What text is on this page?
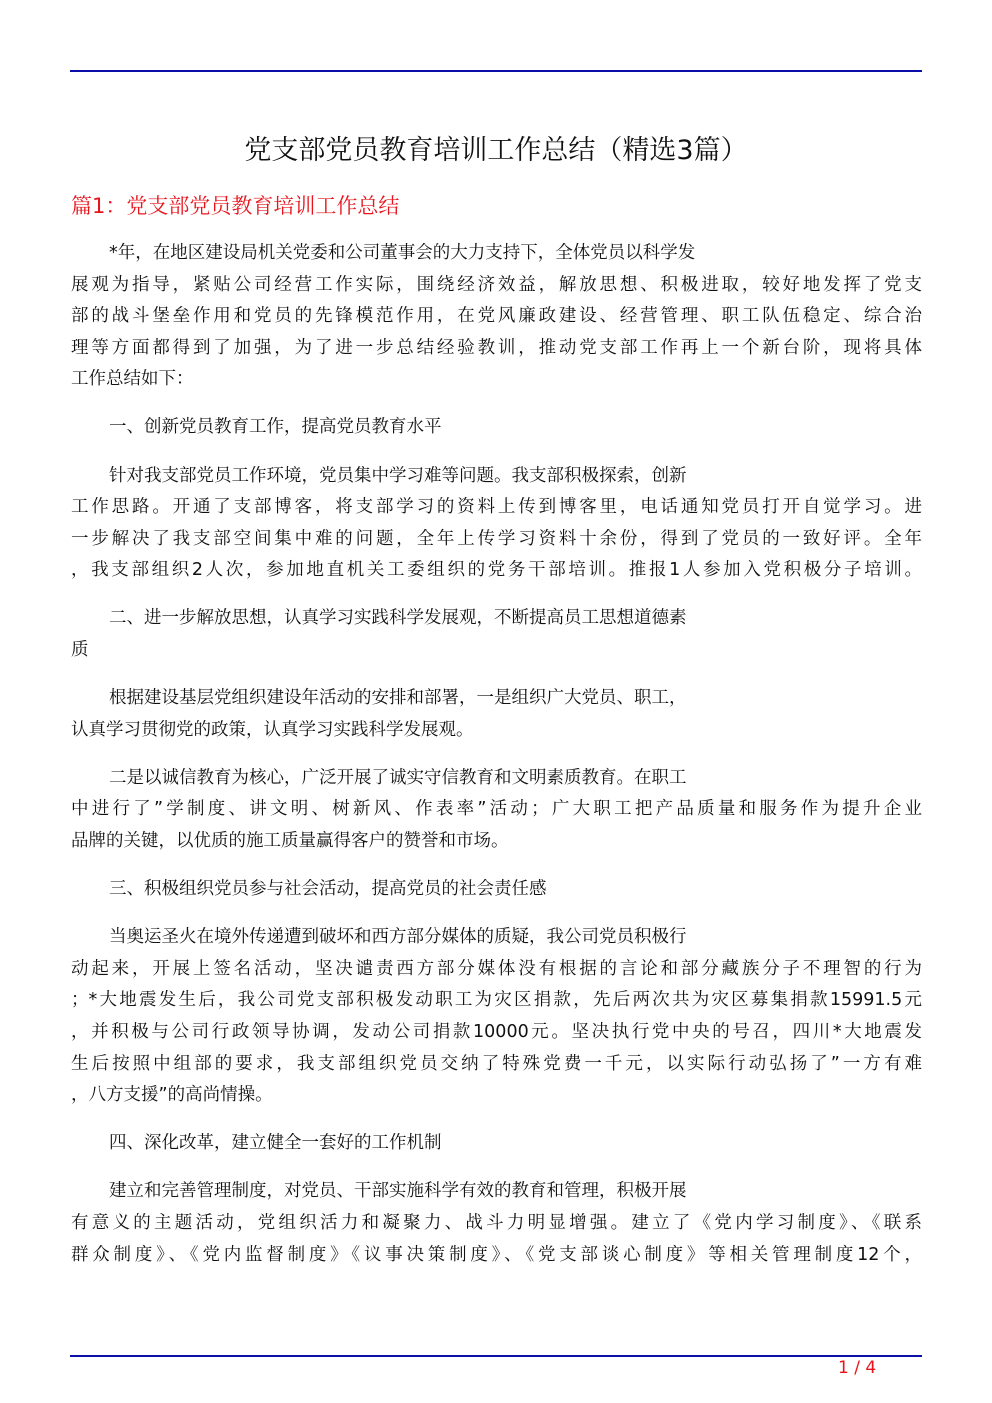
党支部党员教育培训工作总结（精选3篇）
篇1：党支部党员教育培训工作总结
*年，在地区建设局机关党委和公司董事会的大力支持下，全体党员以科学发
展观为指导，紧贴公司经营工作实际，围绕经济效益，解放思想、积极进取，较好地发挥了党支
部的战斗堡垒作用和党员的先锋模范作用，在党风廉政建设、经营管理、职工队伍稳定、综合治
理等方面都得到了加强，为了进一步总结经验教训，推动党支部工作再上一个新台阶，现将具体
工作总结如下：
一、创新党员教育工作，提高党员教育水平
针对我支部党员工作环境，党员集中学习难等问题。我支部积极探索，创新
工作思路。开通了支部博客，将支部学习的资料上传到博客里，电话通知党员打开自觉学习。进
一步解决了我支部空间集中难的问题，全年上传学习资料十余份，得到了党员的一致好评。全年
，我支部组织2人次，参加地直机关工委组织的党务干部培训。推报1人参加入党积极分子培训。
二、进一步解放思想，认真学习实践科学发展观，不断提高员工思想道德素
质
根据建设基层党组织建设年活动的安排和部署，一是组织广大党员、职工，
认真学习贯彻党的政策，认真学习实践科学发展观。
二是以诚信教育为核心，广泛开展了诚实守信教育和文明素质教育。在职工
中进行了”学制度、讲文明、树新风、作表率”活动；广大职工把产品质量和服务作为提升企业
品牌的关键，以优质的施工质量赢得客户的赞誉和市场。
三、积极组织党员参与社会活动，提高党员的社会责任感
当奥运圣火在境外传递遭到破坏和西方部分媒体的质疑，我公司党员积极行
动起来，开展上签名活动，坚决谴责西方部分媒体没有根据的言论和部分藏族分子不理智的行为
；*大地震发生后，我公司党支部积极发动职工为灾区捐款，先后两次共为灾区募集捐款15991.5元
，并积极与公司行政领导协调，发动公司捐款10000元。坚决执行党中央的号召，四川*大地震发
生后按照中组部的要求，我支部组织党员交纳了特殊党费一千元，以实际行动弘扬了”一方有难
，八方支援”的高尚情操。
四、深化改革，建立健全一套好的工作机制
建立和完善管理制度，对党员、干部实施科学有效的教育和管理，积极开展
有意义的主题活动，党组织活力和凝聚力、战斗力明显增强。建立了《党内学习制度》、《联系
群众制度》、《党内监督制度》《议事决策制度》、《党支部谈心制度》等相关管理制度12个，
1 / 4
